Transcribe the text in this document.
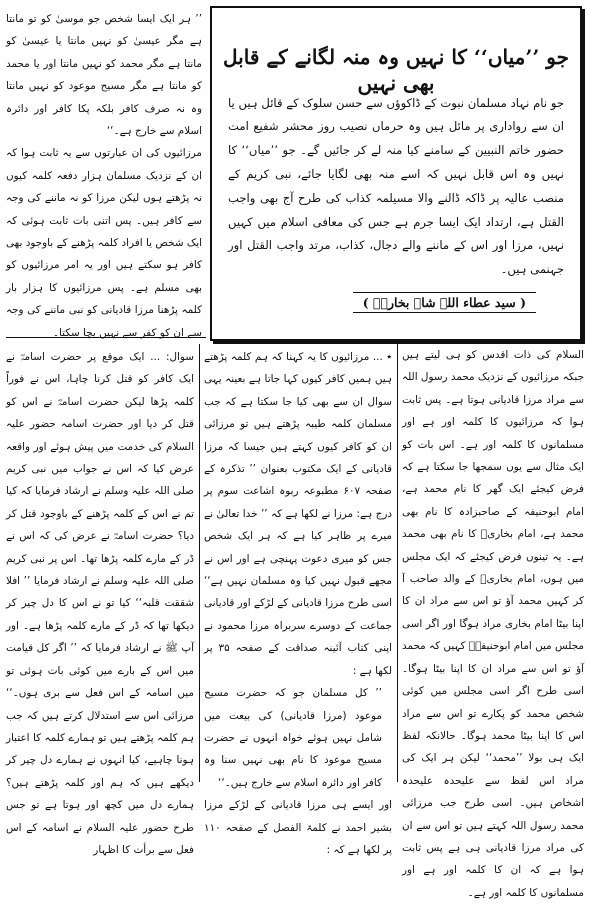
جو ’’میاں‘‘ کا نہیں وہ منہ لگانے کے قابل بھی نہیں

جو نام نہاد مسلمان نبوت کے ڈاکوؤں سے حسن سلوک کے قائل ہیں یا ان سے رواداری پر مائل ہیں وہ حرماں نصیب روز محشر شفیع امت حضور خاتم النبیین کے سامنے کیا منہ لے کر جائیں گے۔ جو ’’میاں‘‘ کا نہیں وہ اس قابل نہیں کہ اسے منہ بھی لگایا جائے، نبی کریم کے منصب عالیہ پر ڈاکہ ڈالنے والا مسیلمہ کذاب کی طرح آج بھی واجب القتل ہے، ارتداد ایک ایسا جرم ہے جس کی معافی اسلام میں کہیں نہیں، مرزا اور اس کے ماننے والے دجال، کذاب، مرتد واجب القتل اور جہنمی ہیں۔

( سید عطاء اللہ شاہ بخاریؒ )

’’ ہر ایک ایسا شخص جو موسیٰ کو تو مانتا ہے مگر عیسیٰ کو نہیں مانتا یا عیسیٰ کو مانتا ہے مگر محمد کو نہیں مانتا اور یا محمد کو مانتا ہے مگر مسیح موعود کو نہیں مانتا وہ نہ صرف کافر بلکہ پکا کافر اور دائرہ اسلام سے خارج ہے۔‘‘

مرزائیوں کی ان عبارتوں سے یہ ثابت ہوا کہ ان کے نزدیک مسلمان ہزار دفعہ کلمہ کیوں نہ پڑھتے ہوں لیکن مرزا کو نہ ماننے کی وجہ سے کافر ہیں۔ پس اتنی بات ثابت ہوئی کہ ایک شخص یا افراد کلمہ پڑھنے کے باوجود بھی کافر ہو سکتے ہیں اور یہ امر مرزائیوں کو بھی مسلم ہے۔ پس مرزائیوں کا ہزار بار کلمہ پڑھنا مرزا قادیانی کو نبی ماننے کی وجہ سے ان کو کفر سے نہیں بچا سکتا۔

السلام کی ذات اقدس کو ہی لیتے ہیں جبکہ مرزائیوں کے نزدیک محمد رسول اللہ سے مراد مرزا قادیانی ہوتا ہے۔ پس ثابت ہوا کہ مرزائیوں کا کلمہ اور ہے اور مسلمانوں کا کلمہ اور ہے۔ اس بات کو ایک مثال سے یوں سمجھا جا سکتا ہے کہ فرض کیجئے ایک گھر کا نام محمد ہے، امام ابوحنیفہ کے صاحبزادہ کا نام بھی محمد ہے، امام بخاریؒ کا نام بھی محمد ہے۔ یہ تینوں فرض کیجئے کہ ایک مجلس میں ہوں، امام بخاریؒ کے والد صاحب آ کر کہیں محمد آؤ تو اس سے مراد ان کا اپنا بیٹا امام بخاری مراد ہوگا اور اگر اسی مجلس میں امام ابوحنیفہؒ کہیں کہ محمد آؤ تو اس سے مراد ان کا اپنا بیٹا ہوگا۔ اسی طرح اگر اسی مجلس میں کوئی شخص محمد کو پکارے تو اس سے مراد اس کا اپنا بیٹا محمد ہوگا۔ حالانکہ لفظ ایک ہی بولا ’’محمد‘‘ لیکن ہر ایک کی مراد اس لفظ سے علیحدہ علیحدہ اشخاص ہیں۔ اسی طرح جب مرزائی محمد رسول اللہ کہتے ہیں تو اس سے ان کی مراد مرزا قادیانی ہی ہے پس ثابت ہوا ہے کہ ان کا کلمہ اور ہے اور مسلمانوں کا کلمہ اور ہے۔

٭ ... مرزائیوں کا یہ کہنا کہ ہم کلمہ پڑھتے ہیں ہمیں کافر کیوں کہا جاتا ہے بعینہ یہی سوال ان سے بھی کیا جا سکتا ہے کہ جب مسلمان کلمہ طیبہ پڑھتے ہیں تو مرزائی ان کو کافر کیوں کہتے ہیں جیسا کہ مرزا قادیانی کے ایک مکتوب بعنوان ’’ تذکرہ کے صفحہ ۶۰۷ مطبوعہ ربوہ اشاعت سوم پر درج ہے: مرزا نے لکھا ہے کہ ’’ خدا تعالیٰ نے میرے پر ظاہر کیا ہے کہ ہر ایک شخص جس کو میری دعوت پہنچی ہے اور اس نے مجھے قبول نہیں کیا وہ مسلمان نہیں ہے‘‘ اسی طرح مرزا قادیانی کے لڑکے اور قادیانی جماعت کے دوسرے سربراہ مرزا محمود نے اپنی کتاب آئینہ صداقت کے صفحہ ۳۵ پر لکھا ہے :

’’ کل مسلمان جو کہ حضرت مسیح موعود (مرزا قادیانی) کی بیعت میں شامل نہیں ہوئے خواہ انہوں نے حضرت مسیح موعود کا نام بھی نہیں سنا وہ کافر اور دائرہ اسلام سے خارج ہیں۔‘‘

اور ایسے ہی مرزا قادیانی کے لڑکے مرزا بشیر احمد نے کلمۃ الفصل کے صفحہ ۱۱۰ پر لکھا ہے کہ :

سوال: ... ایک موقع پر حضرت اسامہؓ نے ایک کافر کو قتل کرنا چاہا، اس نے فوراً کلمہ پڑھا لیکن حضرت اسامہؓ نے اس کو قتل کر دیا اور حضرت اسامہ حضور علیہ السلام کی خدمت میں پیش ہوئے اور واقعہ عرض کیا کہ اس نے جواب میں نبی کریم صلی اللہ علیہ وسلم نے ارشاد فرمایا کہ کیا تم نے اس کے کلمہ پڑھنے کے باوجود قتل کر دیا؟ حضرت اسامہؓ نے عرض کی کہ اس نے ڈر کے مارے کلمہ پڑھا تھا۔ اس پر نبی کریم صلی اللہ علیہ وسلم نے ارشاد فرمایا ’’ افلا شققت قلبہ‘‘ کیا تو نے اس کا دل چیر کر دیکھا تھا کہ ڈر کے مارے کلمہ پڑھا ہے۔ اور آپ ﷺ نے ارشاد فرمایا کہ ’’ اگر کل قیامت میں اس کے بارے میں کوئی بات ہوئی تو میں اسامہ کے اس فعل سے بری ہوں۔‘‘ مرزائی اس سے استدلال کرتے ہیں کہ جب ہم کلمہ پڑھتے ہیں تو ہمارے کلمہ کا اعتبار ہونا چاہیے، کیا انہوں نے ہمارے دل چیر کر دیکھے ہیں کہ ہم اور کلمہ پڑھتے ہیں؟ ہمارے دل میں کچھ اور ہوتا ہے تو جس طرح حضور علیہ السلام نے اسامہ کے اس فعل سے برأت کا اظہار
